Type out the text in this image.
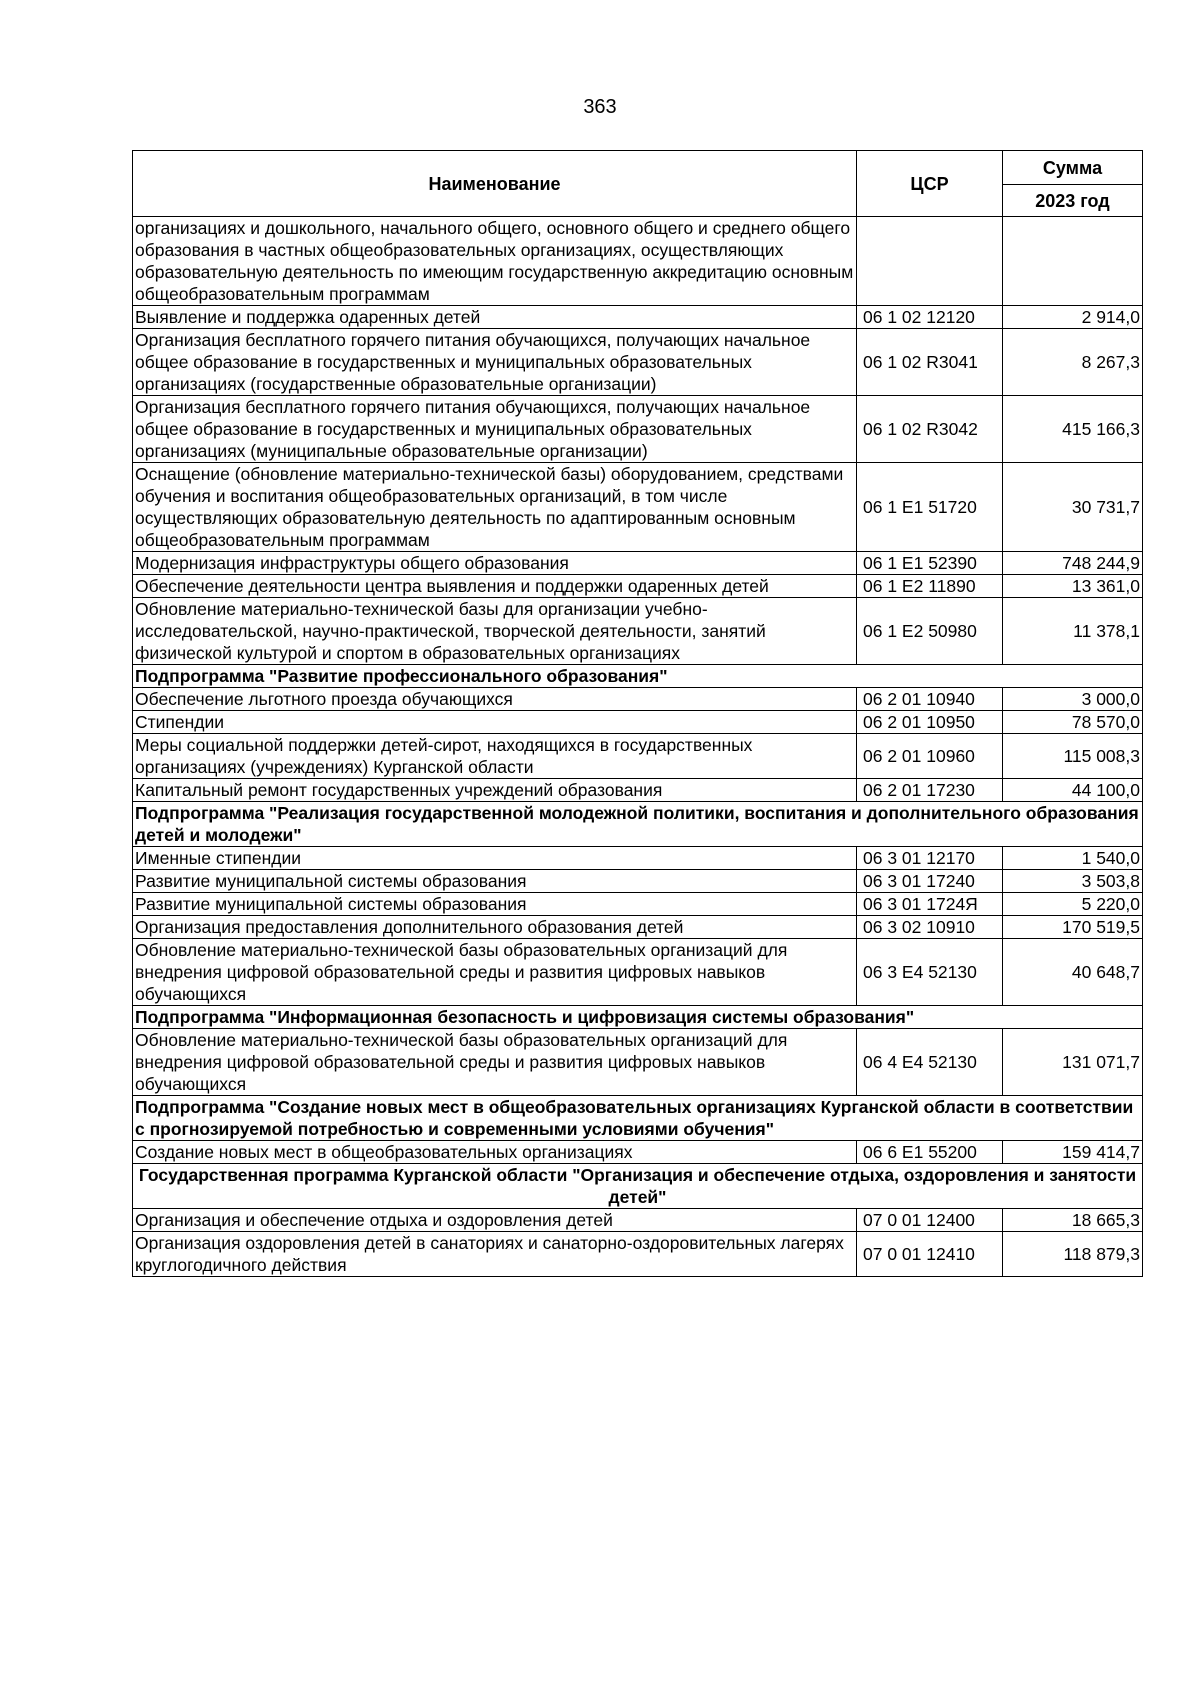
363
Наименование	ЦСР	Сумма
		2023 год
организациях и дошкольного, начального общего, основного общего и среднего общего образования в частных общеобразовательных организациях, осуществляющих образовательную деятельность по имеющим государственную аккредитацию основным общеобразовательным программам		
Выявление и поддержка одаренных детей	06 1 02 12120	2 914,0
Организация бесплатного горячего питания обучающихся, получающих начальное общее образование в государственных и муниципальных образовательных организациях (государственные образовательные организации)	06 1 02 R3041	8 267,3
Организация бесплатного горячего питания обучающихся, получающих начальное общее образование в государственных и муниципальных образовательных организациях (муниципальные образовательные организации)	06 1 02 R3042	415 166,3
Оснащение (обновление материально-технической базы) оборудованием, средствами обучения и воспитания общеобразовательных организаций, в том числе осуществляющих образовательную деятельность по адаптированным основным общеобразовательным программам	06 1 E1 51720	30 731,7
Модернизация инфраструктуры общего образования	06 1 E1 52390	748 244,9
Обеспечение деятельности центра выявления и поддержки одаренных детей	06 1 E2 11890	13 361,0
Обновление материально-технической базы для организации учебно-исследовательской, научно-практической, творческой деятельности, занятий физической культурой и спортом в образовательных организациях	06 1 E2 50980	11 378,1
Подпрограмма "Развитие профессионального образования"		
Обеспечение льготного проезда обучающихся	06 2 01 10940	3 000,0
Стипендии	06 2 01 10950	78 570,0
Меры социальной поддержки детей-сирот, находящихся в государственных организациях (учреждениях) Курганской области	06 2 01 10960	115 008,3
Капитальный ремонт государственных учреждений образования	06 2 01 17230	44 100,0
Подпрограмма "Реализация государственной молодежной политики, воспитания и дополнительного образования детей и молодежи"		
Именные стипендии	06 3 01 12170	1 540,0
Развитие муниципальной системы образования	06 3 01 17240	3 503,8
Развитие муниципальной системы образования	06 3 01 1724Я	5 220,0
Организация предоставления дополнительного образования детей	06 3 02 10910	170 519,5
Обновление материально-технической базы образовательных организаций для внедрения цифровой образовательной среды и развития цифровых навыков обучающихся	06 3 E4 52130	40 648,7
Подпрограмма "Информационная безопасность и цифровизация системы образования"		
Обновление материально-технической базы образовательных организаций для внедрения цифровой образовательной среды и развития цифровых навыков обучающихся	06 4 E4 52130	131 071,7
Подпрограмма "Создание новых мест в общеобразовательных организациях Курганской области в соответствии с прогнозируемой потребностью и современными условиями обучения"		
Создание новых мест в общеобразовательных организациях	06 6 E1 55200	159 414,7
Государственная программа Курганской области "Организация и обеспечение отдыха, оздоровления и занятости детей"		
Организация и обеспечение отдыха и оздоровления детей	07 0 01 12400	18 665,3
Организация оздоровления детей в санаториях и санаторно-оздоровительных лагерях круглогодичного действия	07 0 01 12410	118 879,3
